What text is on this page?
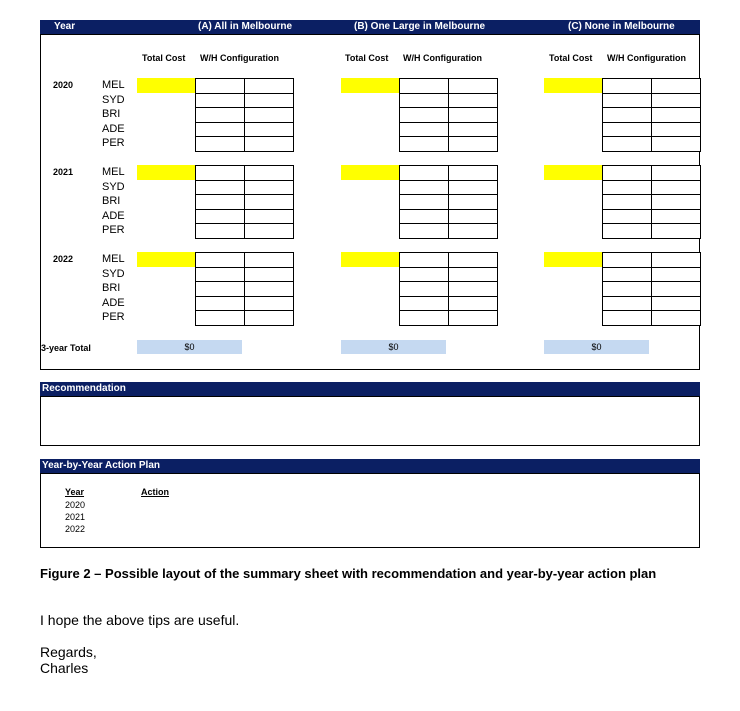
Year	(A) All in Melbourne	(B) One Large in Melbourne	(C) None in Melbourne
Total Cost W/H Configuration	Total Cost W/H Configuration	Total Cost W/H Configuration
2020	MEL
SYD
BRI
ADE
PER
2021	MEL
SYD
BRI
ADE
PER
2022	MEL
SYD
BRI
ADE
PER
3-year Total	$0	$0	$0
Recommendation
Year-by-Year Action Plan
Year	Action
2020
2021
2022
Figure 2 – Possible layout of the summary sheet with recommendation and year-by-year action plan
I hope the above tips are useful.
Regards,
Charles
